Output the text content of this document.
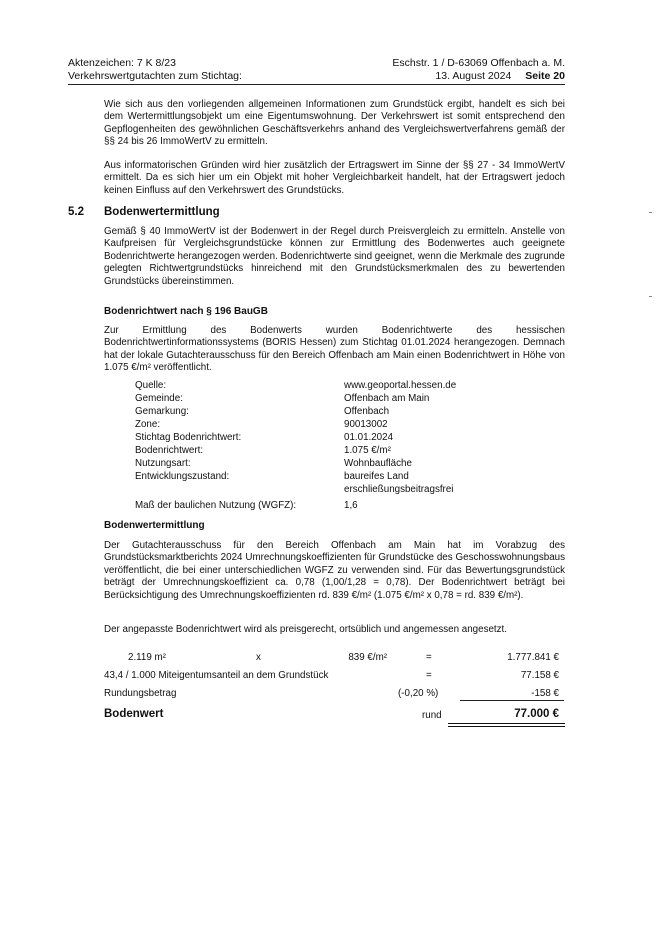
Aktenzeichen: 7 K 8/23	Eschstr. 1 / D-63069 Offenbach a. M.
Verkehrswertgutachten zum Stichtag:	13. August 2024 Seite 20

Wie sich aus den vorliegenden allgemeinen Informationen zum Grundstück ergibt, handelt es sich bei dem Wertermittlungsobjekt um eine Eigentumswohnung. Der Verkehrswert ist somit entsprechend den Gepflogenheiten des gewöhnlichen Geschäftsverkehrs anhand des Vergleichswertverfahrens gemäß der §§ 24 bis 26 ImmoWertV zu ermitteln.

Aus informatorischen Gründen wird hier zusätzlich der Ertragswert im Sinne der §§ 27 - 34 ImmoWertV ermittelt. Da es sich hier um ein Objekt mit hoher Vergleichbarkeit handelt, hat der Ertragswert jedoch keinen Einfluss auf den Verkehrswert des Grundstücks.

5.2 Bodenwertermittlung

Gemäß § 40 ImmoWertV ist der Bodenwert in der Regel durch Preisvergleich zu ermitteln. Anstelle von Kaufpreisen für Vergleichsgrundstücke können zur Ermittlung des Bodenwertes auch geeignete Bodenrichtwerte herangezogen werden. Bodenrichtwerte sind geeignet, wenn die Merkmale des zugrunde gelegten Richtwertgrundstücks hinreichend mit den Grundstücksmerkmalen des zu bewertenden Grundstücks übereinstimmen.

Bodenrichtwert nach § 196 BauGB

Zur Ermittlung des Bodenwerts wurden Bodenrichtwerte des hessischen Bodenrichtwertinformationssystems (BORIS Hessen) zum Stichtag 01.01.2024 herangezogen. Demnach hat der lokale Gutachterausschuss für den Bereich Offenbach am Main einen Bodenrichtwert in Höhe von 1.075 €/m² veröffentlicht.

Quelle:	www.geoportal.hessen.de
Gemeinde:	Offenbach am Main
Gemarkung:	Offenbach
Zone:	90013002
Stichtag Bodenrichtwert:	01.01.2024
Bodenrichtwert:	1.075 €/m²
Nutzungsart:	Wohnbaufläche
Entwicklungszustand:	baureifes Land
erschließungsbeitragsfrei
Maß der baulichen Nutzung (WGFZ):	1,6
Bodenwertermittlung

Der Gutachterausschuss für den Bereich Offenbach am Main hat im Vorabzug des Grundstücksmarktberichts 2024 Umrechnungskoeffizienten für Grundstücke des Geschosswohnungsbaus veröffentlicht, die bei einer unterschiedlichen WGFZ zu verwenden sind. Für das Bewertungsgrundstück beträgt der Umrechnungskoeffizient ca. 0,78 (1,00/1,28 = 0,78). Der Bodenrichtwert beträgt bei Berücksichtigung des Umrechnungskoeffizienten rd. 839 €/m² (1.075 €/m² x 0,78 = rd. 839 €/m²).

Der angepasste Bodenrichtwert wird als preisgerecht, ortsüblich und angemessen angesetzt.

2.119 m²	x	839 €/m²	=	1.777.841 €
43,4 / 1.000 Miteigentumsanteil an dem Grundstück	=	77.158 €
Rundungsbetrag	(-0,20 %)	-158 €
Bodenwert	rund	77.000 €
